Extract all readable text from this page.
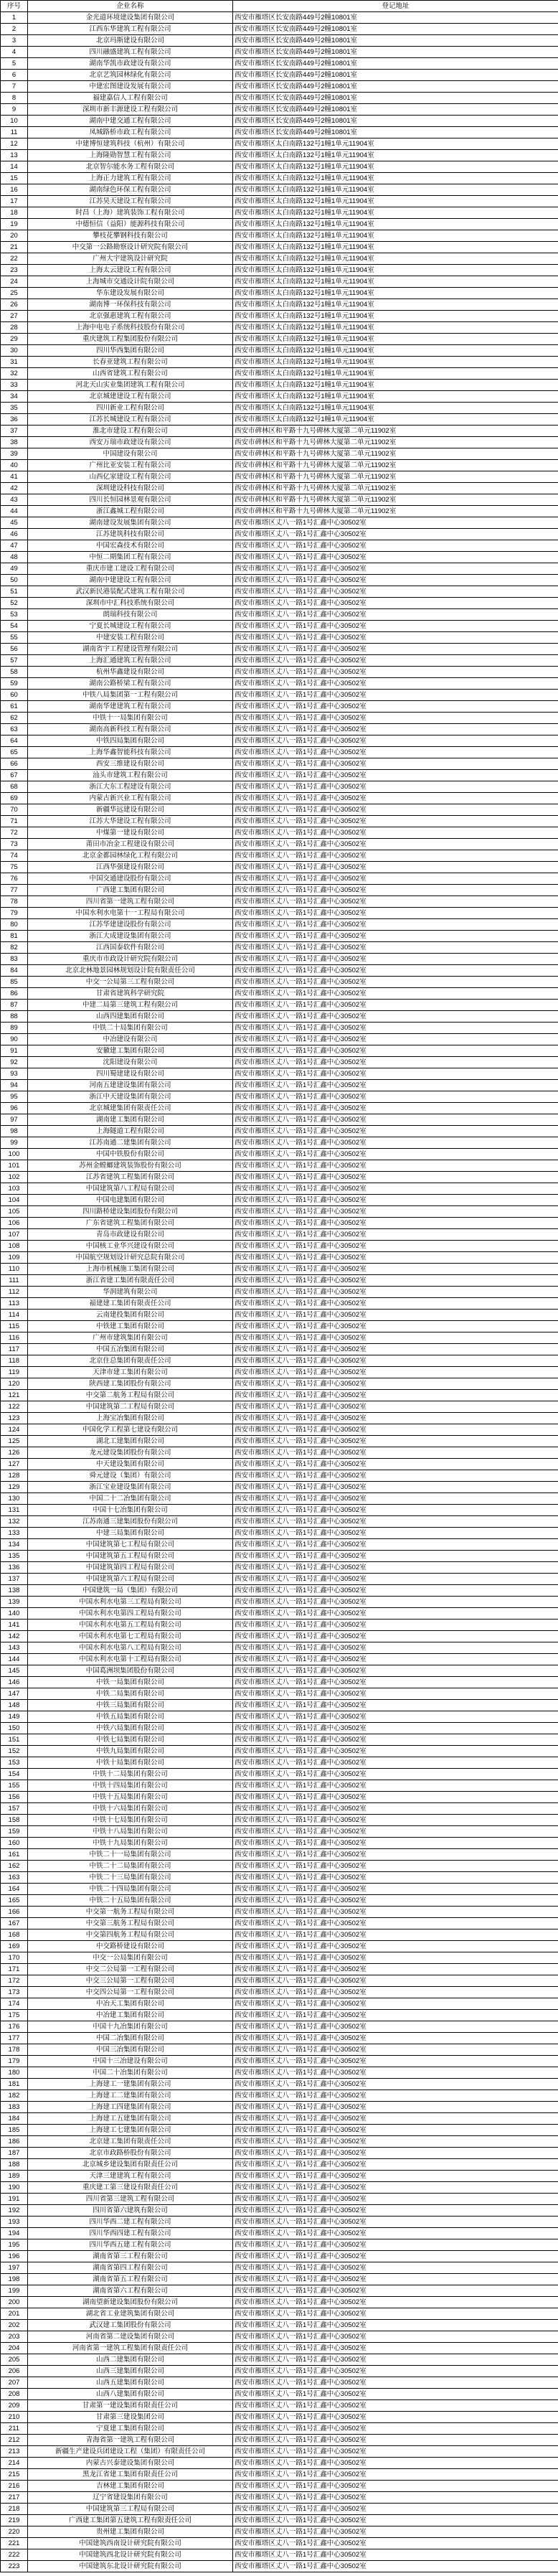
序号	企业名称	登记地址
1	金光道环境建设集团有限公司	西安市雁塔区长安南路449号2幢10801室
2	江西东华建筑工程有限公司	西安市雁塔区长安南路449号2幢10801室
3	北京玛斯建设有限公司	西安市雁塔区长安南路449号2幢10801室
4	四川融盛建筑工程有限公司	西安市雁塔区长安南路449号2幢10801室
5	湖南华凯市政建设有限公司	西安市雁塔区长安南路449号2幢10801室
6	北京艺筑园林绿化有限公司	西安市雁塔区长安南路449号2幢10801室
7	中建宏图建设发展有限公司	西安市雁塔区长安南路449号2幢10801室
8	福建嘉信人工程有限公司	西安市雁塔区长安南路449号2幢10801室
9	深圳市新丰源建设工程有限公司	西安市雁塔区长安南路449号2幢10801室
10	湖南中建交通工程有限公司	西安市雁塔区长安南路449号2幢10801室
11	凤城路桥市政工程有限公司	西安市雁塔区长安南路449号2幢10801室
12	中建博恒建筑科技（杭州）有限公司	西安市雁塔区太白南路132号1幢1单元11904室
13	上海隆勋智慧工程有限公司	西安市雁塔区太白南路132号1幢1单元11904室
14	北京智尔能水务工程有限公司	西安市雁塔区太白南路132号1幢1单元11904室
15	上海正力建筑工程有限公司	西安市雁塔区太白南路132号1幢1单元11904室
16	湖南绿色环保工程有限公司	西安市雁塔区太白南路132号1幢1单元11904室
17	江苏昊天建设工程有限公司	西安市雁塔区太白南路132号1幢1单元11904室
18	时昌（上海）建筑装饰工程有限公司	西安市雁塔区太白南路132号1幢1单元11904室
19	中德恒信（益阳）能源科技有限公司	西安市雁塔区太白南路132号1幢1单元11904室
20	攀枝花攀钢科技有限公司	西安市雁塔区太白南路132号1幢1单元11904室
21	中交第一公路勘察设计研究院有限公司	西安市雁塔区太白南路132号1幢1单元11904室
22	广州大宇建筑设计研究院	西安市雁塔区太白南路132号1幢1单元11904室
23	上海太云建设工程有限公司	西安市雁塔区太白南路132号1幢1单元11904室
24	上海城市交通设计院有限公司	西安市雁塔区太白南路132号1幢1单元11904室
25	华东建设发展有限公司	西安市雁塔区太白南路132号1幢1单元11904室
26	湖南博一环保科技有限公司	西安市雁塔区太白南路132号1幢1单元11904室
27	北京强惠建筑工程有限公司	西安市雁塔区太白南路132号1幢1单元11904室
28	上海中电电子系统科技股份有限公司	西安市雁塔区太白南路132号1幢1单元11904室
29	重庆建筑工程集团股份有限公司	西安市雁塔区太白南路132号1幢1单元11904室
30	四川华西集团有限公司	西安市雁塔区太白南路132号1幢1单元11904室
31	长春亚建筑工程有限公司	西安市雁塔区太白南路132号1幢1单元11904室
32	山西省建筑工程有限公司	西安市雁塔区太白南路132号1幢1单元11904室
33	河北天山实业集团建筑工程有限公司	西安市雁塔区太白南路132号1幢1单元11904室
34	北京城建建设工程有限公司	西安市雁塔区太白南路132号1幢1单元11904室
35	四川新业工程有限公司	西安市雁塔区太白南路132号1幢1单元11904室
36	江苏长城建设工程有限公司	西安市雁塔区太白南路132号1幢1单元11904室
37	淮北市建设工程有限公司	西安市碑林区和平路十九号碑林大厦第二单元11902室
38	西安万瑞市政建设有限公司	西安市碑林区和平路十九号碑林大厦第二单元11902室
39	中国建设有限公司	西安市碑林区和平路十九号碑林大厦第二单元11902室
40	广州比亚安装工程有限公司	西安市碑林区和平路十九号碑林大厦第二单元11902室
41	山西亿家建设工程有限公司	西安市碑林区和平路十九号碑林大厦第二单元11902室
42	深圳建设科技有限公司	西安市碑林区和平路十九号碑林大厦第二单元11902室
43	四川长恒园林景观有限公司	西安市碑林区和平路十九号碑林大厦第二单元11902室
44	浙江鑫城工程有限公司	西安市碑林区和平路十九号碑林大厦第二单元11902室
45	湖南建设发展集团有限公司	西安市雁塔区丈八一路1号汇鑫中心30502室
46	江苏建筑科技有限公司	西安市雁塔区丈八一路1号汇鑫中心30502室
47	中国宏森技术有限公司	西安市雁塔区丈八一路1号汇鑫中心30502室
48	中恒二期集团工程有限公司	西安市雁塔区丈八一路1号汇鑫中心30502室
49	重庆市建工建设工程有限公司	西安市雁塔区丈八一路1号汇鑫中心30502室
50	湖南中建建设工程有限公司	西安市雁塔区丈八一路1号汇鑫中心30502室
51	武汉新民港装配式建筑工程有限公司	西安市雁塔区丈八一路1号汇鑫中心30502室
52	深圳市中汇科技系统有限公司	西安市雁塔区丈八一路1号汇鑫中心30502室
53	朗瑞科技有限公司	西安市雁塔区丈八一路1号汇鑫中心30502室
54	宁夏长城建设工程有限公司	西安市雁塔区丈八一路1号汇鑫中心30502室
55	中建安装工程有限公司	西安市雁塔区丈八一路1号汇鑫中心30502室
56	湖南省宇工程建设管理有限公司	西安市雁塔区丈八一路1号汇鑫中心30502室
57	上海汇通建筑工程有限公司	西安市雁塔区丈八一路1号汇鑫中心30502室
58	杭州华鑫建设有限公司	西安市雁塔区丈八一路1号汇鑫中心30502室
59	湖南公路桥梁工程有限公司	西安市雁塔区丈八一路1号汇鑫中心30502室
60	中铁八局集团第一工程有限公司	西安市雁塔区丈八一路1号汇鑫中心30502室
61	湖南华建建筑工程有限公司	西安市雁塔区丈八一路1号汇鑫中心30502室
62	中铁十一局集团有限公司	西安市雁塔区丈八一路1号汇鑫中心30502室
63	湖南高新科技工程有限公司	西安市雁塔区丈八一路1号汇鑫中心30502室
64	中铁四局集团有限公司	西安市雁塔区丈八一路1号汇鑫中心30502室
65	上海华鑫智能科技有限公司	西安市雁塔区丈八一路1号汇鑫中心30502室
66	西安三维建设有限公司	西安市雁塔区丈八一路1号汇鑫中心30502室
67	汕头市建筑工程有限公司	西安市雁塔区丈八一路1号汇鑫中心30502室
68	浙江大东工程建设有限公司	西安市雁塔区丈八一路1号汇鑫中心30502室
69	内蒙古新兴业工程有限公司	西安市雁塔区丈八一路1号汇鑫中心30502室
70	新疆华远建设有限公司	西安市雁塔区丈八一路1号汇鑫中心30502室
71	江苏大华建设工程有限公司	西安市雁塔区丈八一路1号汇鑫中心30502室
72	中煤第一建设有限公司	西安市雁塔区丈八一路1号汇鑫中心30502室
73	莆田市冶金工程建设有限公司	西安市雁塔区丈八一路1号汇鑫中心30502室
74	北京金都园林绿化工程有限公司	西安市雁塔区丈八一路1号汇鑫中心30502室
75	江西华强建设有限公司	西安市雁塔区丈八一路1号汇鑫中心30502室
76	中国交通建设股份有限公司	西安市雁塔区丈八一路1号汇鑫中心30502室
77	广西建工集团有限公司	西安市雁塔区丈八一路1号汇鑫中心30502室
78	四川省第一建筑工程有限公司	西安市雁塔区丈八一路1号汇鑫中心30502室
79	中国水利水电第十一工程局有限公司	西安市雁塔区丈八一路1号汇鑫中心30502室
80	江苏华建建设股份有限公司	西安市雁塔区丈八一路1号汇鑫中心30502室
81	浙江大成建设集团有限公司	西安市雁塔区丈八一路1号汇鑫中心30502室
82	江西国泰软件有限公司	西安市雁塔区丈八一路1号汇鑫中心30502室
83	重庆市市政设计研究院有限公司	西安市雁塔区丈八一路1号汇鑫中心30502室
84	北京北林地景园林规划设计院有限责任公司	西安市雁塔区丈八一路1号汇鑫中心30502室
85	中交一公局第三工程有限公司	西安市雁塔区丈八一路1号汇鑫中心30502室
86	甘肃省建筑科学研究院	西安市雁塔区丈八一路1号汇鑫中心30502室
87	中建二局第三建筑工程有限公司	西安市雁塔区丈八一路1号汇鑫中心30502室
88	山西四建集团有限公司	西安市雁塔区丈八一路1号汇鑫中心30502室
89	中铁二十局集团有限公司	西安市雁塔区丈八一路1号汇鑫中心30502室
90	中冶建设有限公司	西安市雁塔区丈八一路1号汇鑫中心30502室
91	安徽建工集团有限公司	西安市雁塔区丈八一路1号汇鑫中心30502室
92	沈阳建设有限公司	西安市雁塔区丈八一路1号汇鑫中心30502室
93	四川蜀建建设有限公司	西安市雁塔区丈八一路1号汇鑫中心30502室
94	河南五建建设集团有限公司	西安市雁塔区丈八一路1号汇鑫中心30502室
95	浙江中天建设集团有限公司	西安市雁塔区丈八一路1号汇鑫中心30502室
96	北京城建集团有限责任公司	西安市雁塔区丈八一路1号汇鑫中心30502室
97	湖南建工集团有限公司	西安市雁塔区丈八一路1号汇鑫中心30502室
98	上海隧道工程有限公司	西安市雁塔区丈八一路1号汇鑫中心30502室
99	江苏南通二建集团有限公司	西安市雁塔区丈八一路1号汇鑫中心30502室
100	中国中铁股份有限公司	西安市雁塔区丈八一路1号汇鑫中心30502室
101	苏州金螳螂建筑装饰股份有限公司	西安市雁塔区丈八一路1号汇鑫中心30502室
102	江苏省建筑工程集团有限公司	西安市雁塔区丈八一路1号汇鑫中心30502室
103	中国建筑第八工程局有限公司	西安市雁塔区丈八一路1号汇鑫中心30502室
104	中国电建集团有限公司	西安市雁塔区丈八一路1号汇鑫中心30502室
105	四川路桥建设集团股份有限公司	西安市雁塔区丈八一路1号汇鑫中心30502室
106	广东省建筑工程集团有限公司	西安市雁塔区丈八一路1号汇鑫中心30502室
107	青岛市政建设有限公司	西安市雁塔区丈八一路1号汇鑫中心30502室
108	中国核工业华兴建设有限公司	西安市雁塔区丈八一路1号汇鑫中心30502室
109	中国航空规划设计研究总院有限公司	西安市雁塔区丈八一路1号汇鑫中心30502室
110	上海市机械施工集团有限公司	西安市雁塔区丈八一路1号汇鑫中心30502室
111	浙江省建工集团有限责任公司	西安市雁塔区丈八一路1号汇鑫中心30502室
112	华润建筑有限公司	西安市雁塔区丈八一路1号汇鑫中心30502室
113	福建建工集团有限责任公司	西安市雁塔区丈八一路1号汇鑫中心30502室
114	云南建投集团有限公司	西安市雁塔区丈八一路1号汇鑫中心30502室
115	中铁建工集团有限公司	西安市雁塔区丈八一路1号汇鑫中心30502室
116	广州市建筑集团有限公司	西安市雁塔区丈八一路1号汇鑫中心30502室
117	中国五冶集团有限公司	西安市雁塔区丈八一路1号汇鑫中心30502室
118	北京住总集团有限责任公司	西安市雁塔区丈八一路1号汇鑫中心30502室
119	天津市建工集团有限公司	西安市雁塔区丈八一路1号汇鑫中心30502室
120	陕西建工集团股份有限公司	西安市雁塔区丈八一路1号汇鑫中心30502室
121	中交第二航务工程局有限公司	西安市雁塔区丈八一路1号汇鑫中心30502室
122	中国建筑第二工程局有限公司	西安市雁塔区丈八一路1号汇鑫中心30502室
123	上海宝冶集团有限公司	西安市雁塔区丈八一路1号汇鑫中心30502室
124	中国化学工程第七建设有限公司	西安市雁塔区丈八一路1号汇鑫中心30502室
125	湖北工建集团有限公司	西安市雁塔区丈八一路1号汇鑫中心30502室
126	龙元建设集团股份有限公司	西安市雁塔区丈八一路1号汇鑫中心30502室
127	中天建设集团有限公司	西安市雁塔区丈八一路1号汇鑫中心30502室
128	舜元建设（集团）有限公司	西安市雁塔区丈八一路1号汇鑫中心30502室
129	浙江宝业建设集团有限公司	西安市雁塔区丈八一路1号汇鑫中心30502室
130	中国二十二冶集团有限公司	西安市雁塔区丈八一路1号汇鑫中心30502室
131	中国十七冶集团有限公司	西安市雁塔区丈八一路1号汇鑫中心30502室
132	江苏南通三建集团股份有限公司	西安市雁塔区丈八一路1号汇鑫中心30502室
133	中建三局集团有限公司	西安市雁塔区丈八一路1号汇鑫中心30502室
134	中国建筑第七工程局有限公司	西安市雁塔区丈八一路1号汇鑫中心30502室
135	中国建筑第五工程局有限公司	西安市雁塔区丈八一路1号汇鑫中心30502室
136	中国建筑第四工程局有限公司	西安市雁塔区丈八一路1号汇鑫中心30502室
137	中国建筑第六工程局有限公司	西安市雁塔区丈八一路1号汇鑫中心30502室
138	中国建筑一局（集团）有限公司	西安市雁塔区丈八一路1号汇鑫中心30502室
139	中国水利水电第三工程局有限公司	西安市雁塔区丈八一路1号汇鑫中心30502室
140	中国水利水电第四工程局有限公司	西安市雁塔区丈八一路1号汇鑫中心30502室
141	中国水利水电第五工程局有限公司	西安市雁塔区丈八一路1号汇鑫中心30502室
142	中国水利水电第七工程局有限公司	西安市雁塔区丈八一路1号汇鑫中心30502室
143	中国水利水电第八工程局有限公司	西安市雁塔区丈八一路1号汇鑫中心30502室
144	中国水利水电第十工程局有限公司	西安市雁塔区丈八一路1号汇鑫中心30502室
145	中国葛洲坝集团股份有限公司	西安市雁塔区丈八一路1号汇鑫中心30502室
146	中铁一局集团有限公司	西安市雁塔区丈八一路1号汇鑫中心30502室
147	中铁二局集团有限公司	西安市雁塔区丈八一路1号汇鑫中心30502室
148	中铁三局集团有限公司	西安市雁塔区丈八一路1号汇鑫中心30502室
149	中铁五局集团有限公司	西安市雁塔区丈八一路1号汇鑫中心30502室
150	中铁六局集团有限公司	西安市雁塔区丈八一路1号汇鑫中心30502室
151	中铁七局集团有限公司	西安市雁塔区丈八一路1号汇鑫中心30502室
152	中铁九局集团有限公司	西安市雁塔区丈八一路1号汇鑫中心30502室
153	中铁十局集团有限公司	西安市雁塔区丈八一路1号汇鑫中心30502室
154	中铁十二局集团有限公司	西安市雁塔区丈八一路1号汇鑫中心30502室
155	中铁十四局集团有限公司	西安市雁塔区丈八一路1号汇鑫中心30502室
156	中铁十五局集团有限公司	西安市雁塔区丈八一路1号汇鑫中心30502室
157	中铁十六局集团有限公司	西安市雁塔区丈八一路1号汇鑫中心30502室
158	中铁十七局集团有限公司	西安市雁塔区丈八一路1号汇鑫中心30502室
159	中铁十八局集团有限公司	西安市雁塔区丈八一路1号汇鑫中心30502室
160	中铁十九局集团有限公司	西安市雁塔区丈八一路1号汇鑫中心30502室
161	中铁二十一局集团有限公司	西安市雁塔区丈八一路1号汇鑫中心30502室
162	中铁二十二局集团有限公司	西安市雁塔区丈八一路1号汇鑫中心30502室
163	中铁二十三局集团有限公司	西安市雁塔区丈八一路1号汇鑫中心30502室
164	中铁二十四局集团有限公司	西安市雁塔区丈八一路1号汇鑫中心30502室
165	中铁二十五局集团有限公司	西安市雁塔区丈八一路1号汇鑫中心30502室
166	中交第一航务工程局有限公司	西安市雁塔区丈八一路1号汇鑫中心30502室
167	中交第三航务工程局有限公司	西安市雁塔区丈八一路1号汇鑫中心30502室
168	中交第四航务工程局有限公司	西安市雁塔区丈八一路1号汇鑫中心30502室
169	中交路桥建设有限公司	西安市雁塔区丈八一路1号汇鑫中心30502室
170	中交一公局集团有限公司	西安市雁塔区丈八一路1号汇鑫中心30502室
171	中交二公局第一工程有限公司	西安市雁塔区丈八一路1号汇鑫中心30502室
172	中交三公局第一工程有限公司	西安市雁塔区丈八一路1号汇鑫中心30502室
173	中交四公局第一工程有限公司	西安市雁塔区丈八一路1号汇鑫中心30502室
174	中冶天工集团有限公司	西安市雁塔区丈八一路1号汇鑫中心30502室
175	中冶建工集团有限公司	西安市雁塔区丈八一路1号汇鑫中心30502室
176	中国十九冶集团有限公司	西安市雁塔区丈八一路1号汇鑫中心30502室
177	中国二冶集团有限公司	西安市雁塔区丈八一路1号汇鑫中心30502室
178	中国三冶集团有限公司	西安市雁塔区丈八一路1号汇鑫中心30502室
179	中国十三冶建设有限公司	西安市雁塔区丈八一路1号汇鑫中心30502室
180	中国二十冶集团有限公司	西安市雁塔区丈八一路1号汇鑫中心30502室
181	上海建工一建集团有限公司	西安市雁塔区丈八一路1号汇鑫中心30502室
182	上海建工二建集团有限公司	西安市雁塔区丈八一路1号汇鑫中心30502室
183	上海建工四建集团有限公司	西安市雁塔区丈八一路1号汇鑫中心30502室
184	上海建工五建集团有限公司	西安市雁塔区丈八一路1号汇鑫中心30502室
185	上海建工七建集团有限公司	西安市雁塔区丈八一路1号汇鑫中心30502室
186	北京建工集团有限责任公司	西安市雁塔区丈八一路1号汇鑫中心30502室
187	北京市政路桥股份有限公司	西安市雁塔区丈八一路1号汇鑫中心30502室
188	北京城乡建设集团有限责任公司	西安市雁塔区丈八一路1号汇鑫中心30502室
189	天津三建建筑工程有限公司	西安市雁塔区丈八一路1号汇鑫中心30502室
190	重庆建工第三建设有限责任公司	西安市雁塔区丈八一路1号汇鑫中心30502室
191	四川省第三建筑工程有限公司	西安市雁塔区丈八一路1号汇鑫中心30502室
192	四川省第六建筑有限公司	西安市雁塔区丈八一路1号汇鑫中心30502室
193	四川华西二建工程有限公司	西安市雁塔区丈八一路1号汇鑫中心30502室
194	四川华西四建工程有限公司	西安市雁塔区丈八一路1号汇鑫中心30502室
195	四川华西五建工程有限公司	西安市雁塔区丈八一路1号汇鑫中心30502室
196	湖南省第三工程有限公司	西安市雁塔区丈八一路1号汇鑫中心30502室
197	湖南省第四工程有限公司	西安市雁塔区丈八一路1号汇鑫中心30502室
198	湖南省第五工程有限公司	西安市雁塔区丈八一路1号汇鑫中心30502室
199	湖南省第六工程有限公司	西安市雁塔区丈八一路1号汇鑫中心30502室
200	湖南望新建设集团股份有限公司	西安市雁塔区丈八一路1号汇鑫中心30502室
201	湖北省工业建筑集团有限公司	西安市雁塔区丈八一路1号汇鑫中心30502室
202	武汉建工集团股份有限公司	西安市雁塔区丈八一路1号汇鑫中心30502室
203	河南省第二建设集团有限公司	西安市雁塔区丈八一路1号汇鑫中心30502室
204	河南省第一建筑工程集团有限责任公司	西安市雁塔区丈八一路1号汇鑫中心30502室
205	山西二建集团有限公司	西安市雁塔区丈八一路1号汇鑫中心30502室
206	山西三建集团有限公司	西安市雁塔区丈八一路1号汇鑫中心30502室
207	山西五建集团有限公司	西安市雁塔区丈八一路1号汇鑫中心30502室
208	山西八建集团有限公司	西安市雁塔区丈八一路1号汇鑫中心30502室
209	甘肃第一建设集团有限责任公司	西安市雁塔区丈八一路1号汇鑫中心30502室
210	甘肃第三建设集团公司	西安市雁塔区丈八一路1号汇鑫中心30502室
211	宁夏建工集团有限公司	西安市雁塔区丈八一路1号汇鑫中心30502室
212	青海省第一建筑工程有限公司	西安市雁塔区丈八一路1号汇鑫中心30502室
213	新疆生产建设兵团建设工程（集团）有限责任公司	西安市雁塔区丈八一路1号汇鑫中心30502室
214	内蒙古兴泰建设集团有限公司	西安市雁塔区丈八一路1号汇鑫中心30502室
215	黑龙江省建工集团有限责任公司	西安市雁塔区丈八一路1号汇鑫中心30502室
216	吉林建工集团有限公司	西安市雁塔区丈八一路1号汇鑫中心30502室
217	辽宁省建设集团有限公司	西安市雁塔区丈八一路1号汇鑫中心30502室
218	中国建筑第三工程局有限公司	西安市雁塔区丈八一路1号汇鑫中心30502室
219	广西建工集团第五建筑工程有限责任公司	西安市雁塔区丈八一路1号汇鑫中心30502室
220	贵州建工集团有限公司	西安市雁塔区丈八一路1号汇鑫中心30502室
221	中国建筑西南设计研究院有限公司	西安市雁塔区丈八一路1号汇鑫中心30502室
222	中国建筑西北设计研究院有限公司	西安市雁塔区丈八一路1号汇鑫中心30502室
223	中国建筑东北设计研究院有限公司	西安市雁塔区丈八一路1号汇鑫中心30502室
